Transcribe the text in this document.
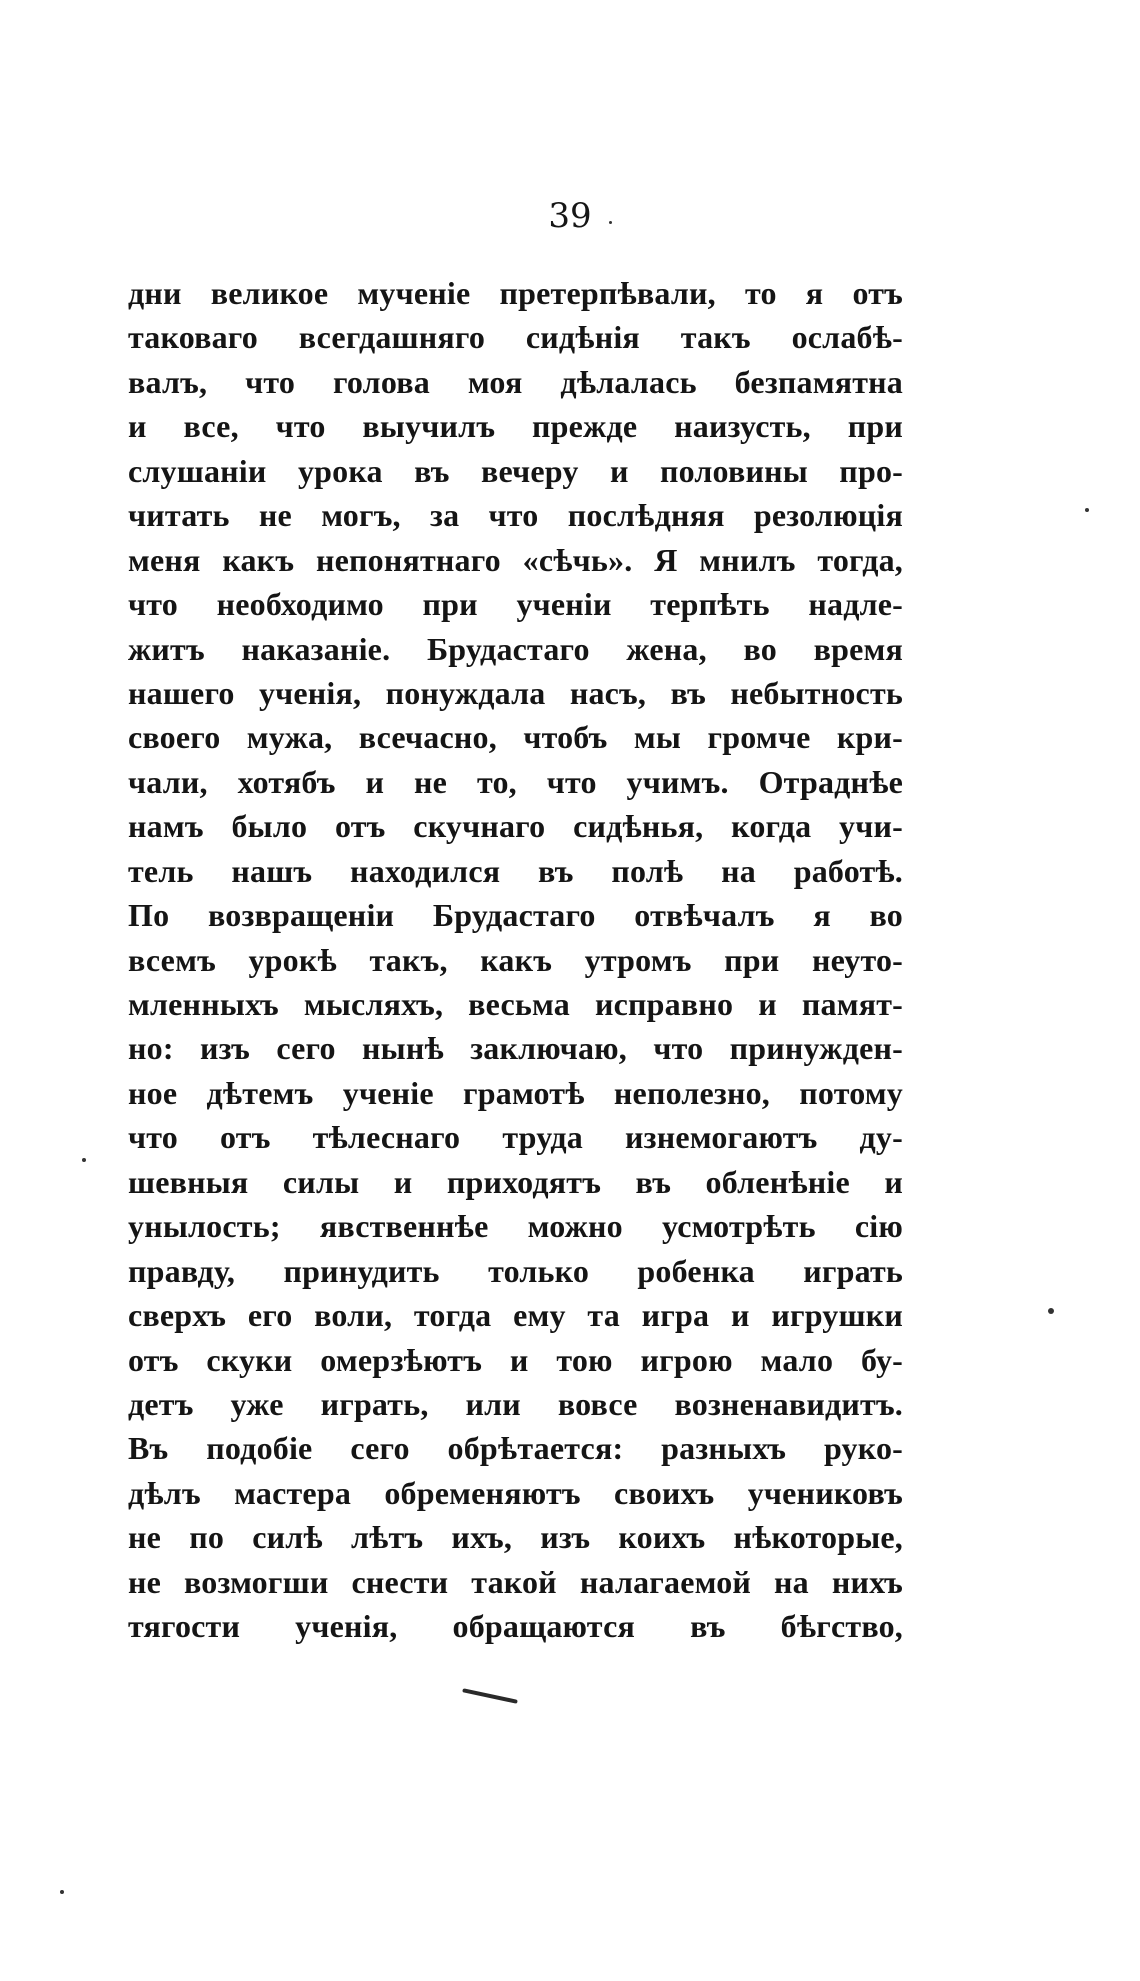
39
дни великое мученіе претерпѣвали, то я отъ
таковаго всегдашняго сидѣнія такъ ослабѣ-
валъ, что голова моя дѣлалась безпамятна
и все, что выучилъ прежде наизусть, при
слушаніи урока въ вечеру и половины про-
читать не могъ, за что послѣдняя резолюція
меня какъ непонятнаго «сѣчь». Я мнилъ тогда,
что необходимо при ученіи терпѣть надле-
житъ наказаніе. Брудастаго жена, во время
нашего ученія, понуждала насъ, въ небытность
своего мужа, всечасно, чтобъ мы громче кри-
чали, хотябъ и не то, что учимъ. Отраднѣе
намъ было отъ скучнаго сидѣнья, когда учи-
тель нашъ находился въ полѣ на работѣ.
По возвращеніи Брудастаго отвѣчалъ я во
всемъ урокѣ такъ, какъ утромъ при неуто-
мленныхъ мысляхъ, весьма исправно и памят-
но: изъ сего нынѣ заключаю, что принужден-
ное дѣтемъ ученіе грамотѣ неполезно, потому
что отъ тѣлеснаго труда изнемогаютъ ду-
шевныя силы и приходятъ въ обленѣніе и
унылость; явственнѣе можно усмотрѣть сію
правду, принудить только робенка играть
сверхъ его воли, тогда ему та игра и игрушки
отъ скуки омерзѣютъ и тою игрою мало бу-
детъ уже играть, или вовсе возненавидитъ.
Въ подобіе сего обрѣтается: разныхъ руко-
дѣлъ мастера обременяютъ своихъ учениковъ
не по силѣ лѣтъ ихъ, изъ коихъ нѣкоторые,
не возмогши снести такой налагаемой на нихъ
тягости ученія, обращаются въ бѣгство,
